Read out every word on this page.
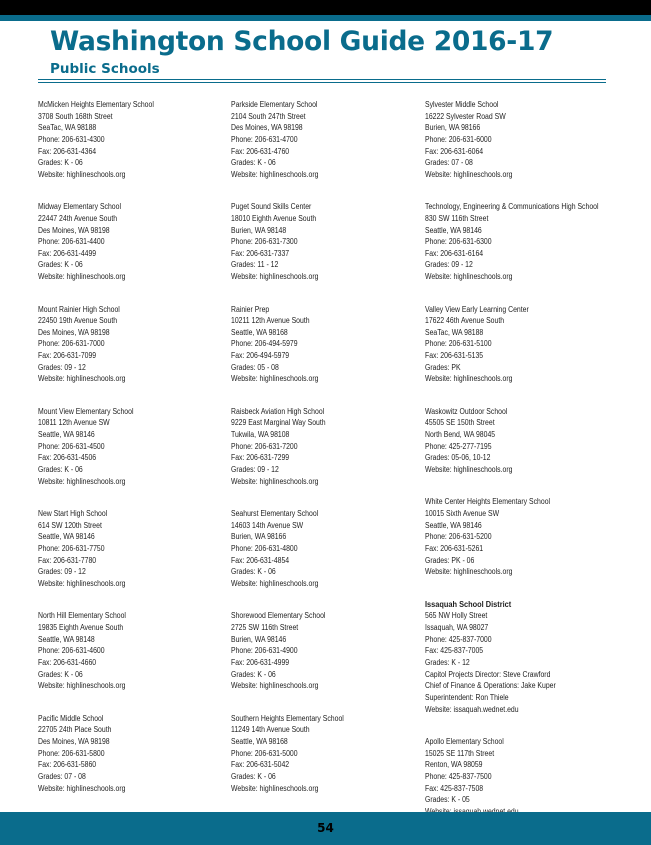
Washington School Guide 2016-17
Public Schools
McMicken Heights Elementary School
3708 South 168th Street
SeaTac, WA 98188
Phone: 206-631-4300
Fax: 206-631-4364
Grades: K - 06
Website: highlineschools.org
Midway Elementary School
22447 24th Avenue South
Des Moines, WA 98198
Phone: 206-631-4400
Fax: 206-631-4499
Grades: K - 06
Website: highlineschools.org
Mount Rainier High School
22450 19th Avenue South
Des Moines, WA 98198
Phone: 206-631-7000
Fax: 206-631-7099
Grades: 09 - 12
Website: highlineschools.org
Mount View Elementary School
10811 12th Avenue SW
Seattle, WA 98146
Phone: 206-631-4500
Fax: 206-631-4506
Grades: K - 06
Website: highlineschools.org
New Start High School
614 SW 120th Street
Seattle, WA 98146
Phone: 206-631-7750
Fax: 206-631-7780
Grades: 09 - 12
Website: highlineschools.org
North Hill Elementary School
19835 Eighth Avenue South
Seattle, WA 98148
Phone: 206-631-4600
Fax: 206-631-4660
Grades: K - 06
Website: highlineschools.org
Pacific Middle School
22705 24th Place South
Des Moines, WA 98198
Phone: 206-631-5800
Fax: 206-631-5860
Grades: 07 - 08
Website: highlineschools.org
Parkside Elementary School
2104 South 247th Street
Des Moines, WA 98198
Phone: 206-631-4700
Fax: 206-631-4760
Grades: K - 06
Website: highlineschools.org
Puget Sound Skills Center
18010 Eighth Avenue South
Burien, WA 98148
Phone: 206-631-7300
Fax: 206-631-7337
Grades: 11 - 12
Website: highlineschools.org
Rainier Prep
10211 12th Avenue South
Seattle, WA 98168
Phone: 206-494-5979
Fax: 206-494-5979
Grades: 05 - 08
Website: highlineschools.org
Raisbeck Aviation High School
9229 East Marginal Way South
Tukwila, WA 98108
Phone: 206-631-7200
Fax: 206-631-7299
Grades: 09 - 12
Website: highlineschools.org
Seahurst Elementary School
14603 14th Avenue SW
Burien, WA 98166
Phone: 206-631-4800
Fax: 206-631-4854
Grades: K - 06
Website: highlineschools.org
Shorewood Elementary School
2725 SW 116th Street
Burien, WA 98146
Phone: 206-631-4900
Fax: 206-631-4999
Grades: K - 06
Website: highlineschools.org
Southern Heights Elementary School
11249 14th Avenue South
Seattle, WA 98168
Phone: 206-631-5000
Fax: 206-631-5042
Grades: K - 06
Website: highlineschools.org
Sylvester Middle School
16222 Sylvester Road SW
Burien, WA 98166
Phone: 206-631-6000
Fax: 206-631-6064
Grades: 07 - 08
Website: highlineschools.org
Technology, Engineering & Communications High School
830 SW 116th Street
Seattle, WA 98146
Phone: 206-631-6300
Fax: 206-631-6164
Grades: 09 - 12
Website: highlineschools.org
Valley View Early Learning Center
17622 46th Avenue South
SeaTac, WA 98188
Phone: 206-631-5100
Fax: 206-631-5135
Grades: PK
Website: highlineschools.org
Waskowitz Outdoor School
45505 SE 150th Street
North Bend, WA 98045
Phone: 425-277-7195
Grades: 05-06, 10-12
Website: highlineschools.org
White Center Heights Elementary School
10015 Sixth Avenue SW
Seattle, WA 98146
Phone: 206-631-5200
Fax: 206-631-5261
Grades: PK - 06
Website: highlineschools.org
Issaquah School District
565 NW Holly Street
Issaquah, WA 98027
Phone: 425-837-7000
Fax: 425-837-7005
Grades: K - 12
Capitol Projects Director: Steve Crawford
Chief of Finance & Operations: Jake Kuper
Superintendent: Ron Thiele
Website: issaquah.wednet.edu
Apollo Elementary School
15025 SE 117th Street
Renton, WA 98059
Phone: 425-837-7500
Fax: 425-837-7508
Grades: K - 05
54
